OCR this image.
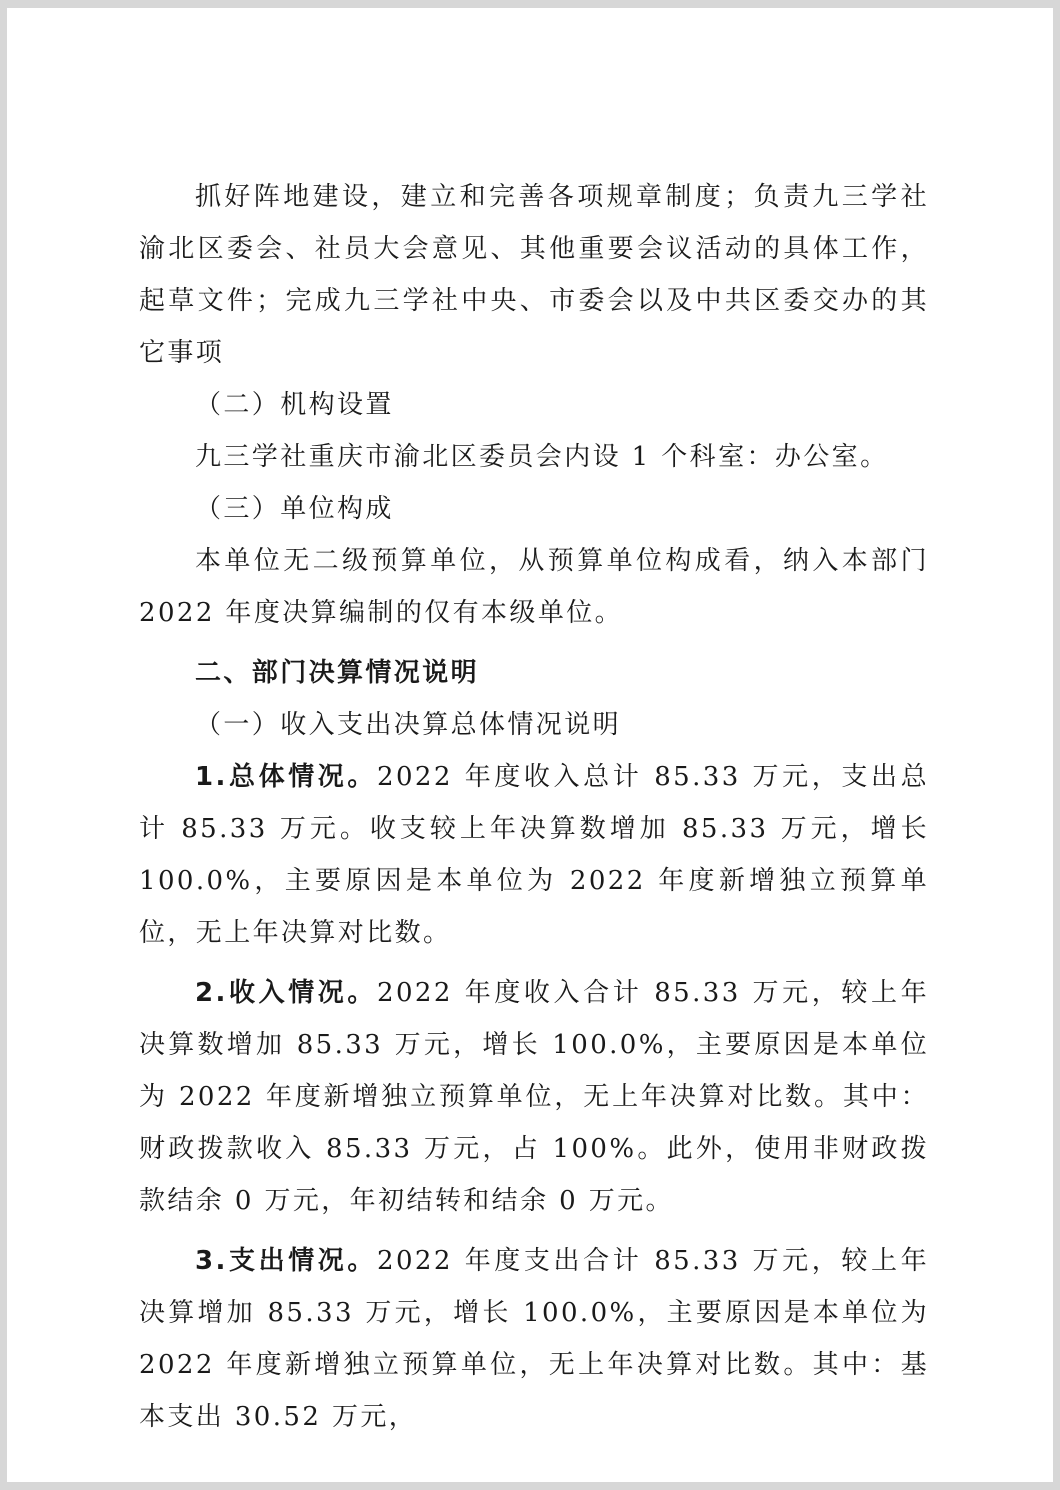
抓好阵地建设，建立和完善各项规章制度；负责九三学社渝北区委会、社员大会意见、其他重要会议活动的具体工作，起草文件；完成九三学社中央、市委会以及中共区委交办的其它事项

（二）机构设置

九三学社重庆市渝北区委员会内设 1 个科室：办公室。

（三）单位构成

本单位无二级预算单位，从预算单位构成看，纳入本部门 2022 年度决算编制的仅有本级单位。

二、部门决算情况说明

（一）收入支出决算总体情况说明

1.总体情况。2022 年度收入总计 85.33 万元，支出总计 85.33 万元。收支较上年决算数增加 85.33 万元，增长 100.0%，主要原因是本单位为 2022 年度新增独立预算单位，无上年决算对比数。

2.收入情况。2022 年度收入合计 85.33 万元，较上年决算数增加 85.33 万元，增长 100.0%，主要原因是本单位为 2022 年度新增独立预算单位，无上年决算对比数。其中：财政拨款收入 85.33 万元，占 100%。此外，使用非财政拨款结余 0 万元，年初结转和结余 0 万元。

3.支出情况。2022 年度支出合计 85.33 万元，较上年决算增加 85.33 万元，增长 100.0%，主要原因是本单位为 2022 年度新增独立预算单位，无上年决算对比数。其中：基本支出 30.52 万元，
